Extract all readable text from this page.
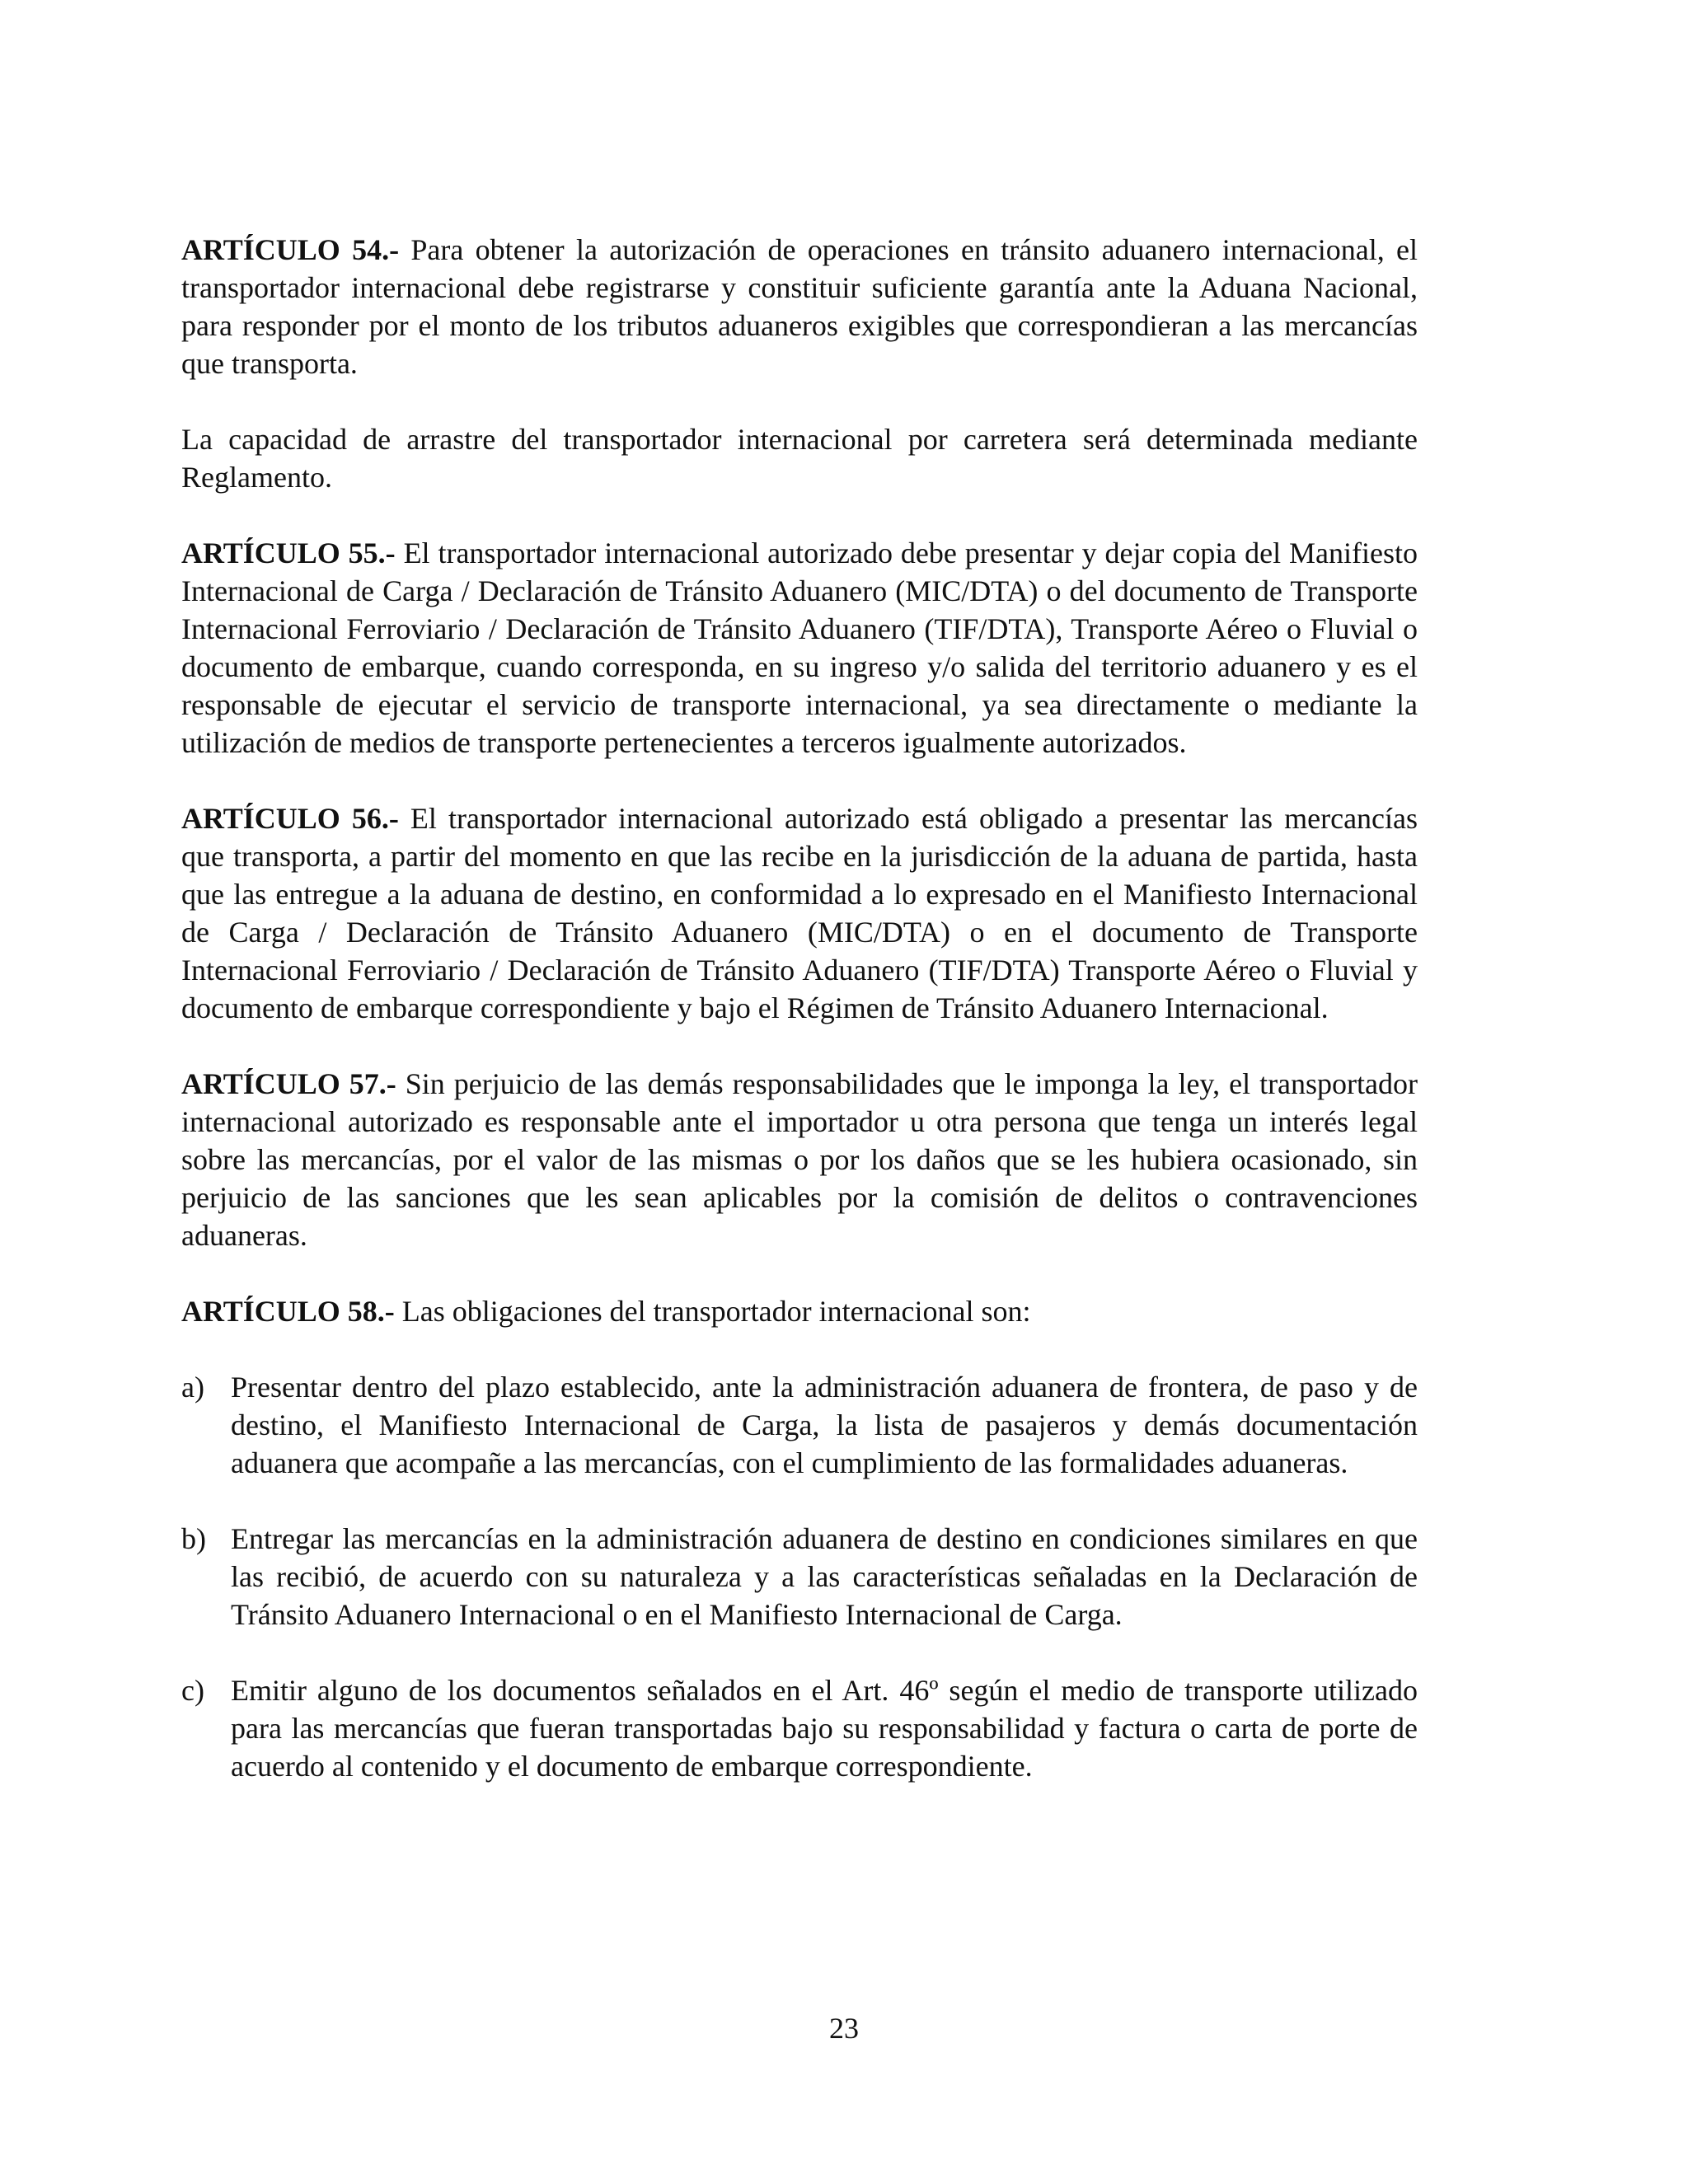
ARTÍCULO 54.- Para obtener la autorización de operaciones en tránsito aduanero internacional, el transportador internacional debe registrarse y constituir suficiente garantía ante la Aduana Nacional, para responder por el monto de los tributos aduaneros exigibles que correspondieran a las mercancías que transporta.

La capacidad de arrastre del transportador internacional por carretera será determinada mediante Reglamento.

ARTÍCULO 55.- El transportador internacional autorizado debe presentar y dejar copia del Manifiesto Internacional de Carga / Declaración de Tránsito Aduanero (MIC/DTA) o del documento de Transporte Internacional Ferroviario / Declaración de Tránsito Aduanero (TIF/DTA), Transporte Aéreo o Fluvial o documento de embarque, cuando corresponda, en su ingreso y/o salida del territorio aduanero y es el responsable de ejecutar el servicio de transporte internacional, ya sea directamente o mediante la utilización de medios de transporte pertenecientes a terceros igualmente autorizados.

ARTÍCULO 56.- El transportador internacional autorizado está obligado a presentar las mercancías que transporta, a partir del momento en que las recibe en la jurisdicción de la aduana de partida, hasta que las entregue a la aduana de destino, en conformidad a lo expresado en el Manifiesto Internacional de Carga / Declaración de Tránsito Aduanero (MIC/DTA) o en el documento de Transporte Internacional Ferroviario / Declaración de Tránsito Aduanero (TIF/DTA) Transporte Aéreo o Fluvial y documento de embarque correspondiente y bajo el Régimen de Tránsito Aduanero Internacional.

ARTÍCULO 57.- Sin perjuicio de las demás responsabilidades que le imponga la ley, el transportador internacional autorizado es responsable ante el importador u otra persona que tenga un interés legal sobre las mercancías, por el valor de las mismas o por los daños que se les hubiera ocasionado, sin perjuicio de las sanciones que les sean aplicables por la comisión de delitos o contravenciones aduaneras.

ARTÍCULO 58.- Las obligaciones del transportador internacional son:

a) Presentar dentro del plazo establecido, ante la administración aduanera de frontera, de paso y de destino, el Manifiesto Internacional de Carga, la lista de pasajeros y demás documentación aduanera que acompañe a las mercancías, con el cumplimiento de las formalidades aduaneras.
b) Entregar las mercancías en la administración aduanera de destino en condiciones similares en que las recibió, de acuerdo con su naturaleza y a las características señaladas en la Declaración de Tránsito Aduanero Internacional o en el Manifiesto Internacional de Carga.
c) Emitir alguno de los documentos señalados en el Art. 46º según el medio de transporte utilizado para las mercancías que fueran transportadas bajo su responsabilidad y factura o carta de porte de acuerdo al contenido y el documento de embarque correspondiente.
23
